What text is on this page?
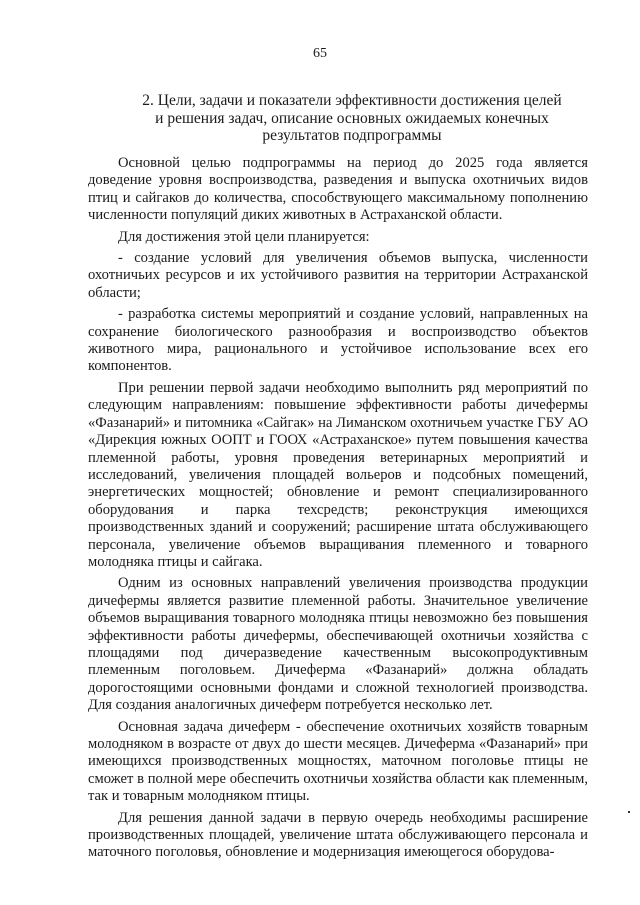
65
2. Цели, задачи и показатели эффективности достижения целей
и решения задач, описание основных ожидаемых конечных
результатов подпрограммы

Основной целью подпрограммы на период до 2025 года является доведение уровня воспроизводства, разведения и выпуска охотничьих видов птиц и сайгаков до количества, способствующего максимальному пополнению численности популяций диких животных в Астраханской области.

Для достижения этой цели планируется:

- создание условий для увеличения объемов выпуска, численности охотничьих ресурсов и их устойчивого развития на территории Астраханской области;

- разработка системы мероприятий и создание условий, направленных на сохранение биологического разнообразия и воспроизводство объектов животного мира, рационального и устойчивое использование всех его компонентов.

При решении первой задачи необходимо выполнить ряд мероприятий по следующим направлениям: повышение эффективности работы дичефермы «Фазанарий» и питомника «Сайгак» на Лиманском охотничьем участке ГБУ АО «Дирекция южных ООПТ и ГООХ «Астраханское» путем повышения качества племенной работы, уровня проведения ветеринарных мероприятий и исследований, увеличения площадей вольеров и подсобных помещений, энергетических мощностей; обновление и ремонт специализированного оборудования и парка техсредств; реконструкция имеющихся производственных зданий и сооружений; расширение штата обслуживающего персонала, увеличение объемов выращивания племенного и товарного молодняка птицы и сайгака.

Одним из основных направлений увеличения производства продукции дичефермы является развитие племенной работы. Значительное увеличение объемов выращивания товарного молодняка птицы невозможно без повышения эффективности работы дичефермы, обеспечивающей охотничьи хозяйства с площадями под дичеразведение качественным высокопродуктивным племенным поголовьем. Дичеферма «Фазанарий» должна обладать дорогостоящими основными фондами и сложной технологией производства. Для создания аналогичных дичеферм потребуется несколько лет.

Основная задача дичеферм - обеспечение охотничьих хозяйств товарным молодняком в возрасте от двух до шести месяцев. Дичеферма «Фазанарий» при имеющихся производственных мощностях, маточном поголовье птицы не сможет в полной мере обеспечить охотничьи хозяйства области как племенным, так и товарным молодняком птицы.

Для решения данной задачи в первую очередь необходимы расширение производственных площадей, увеличение штата обслуживающего персонала и маточного поголовья, обновление и модернизация имеющегося оборудова-
